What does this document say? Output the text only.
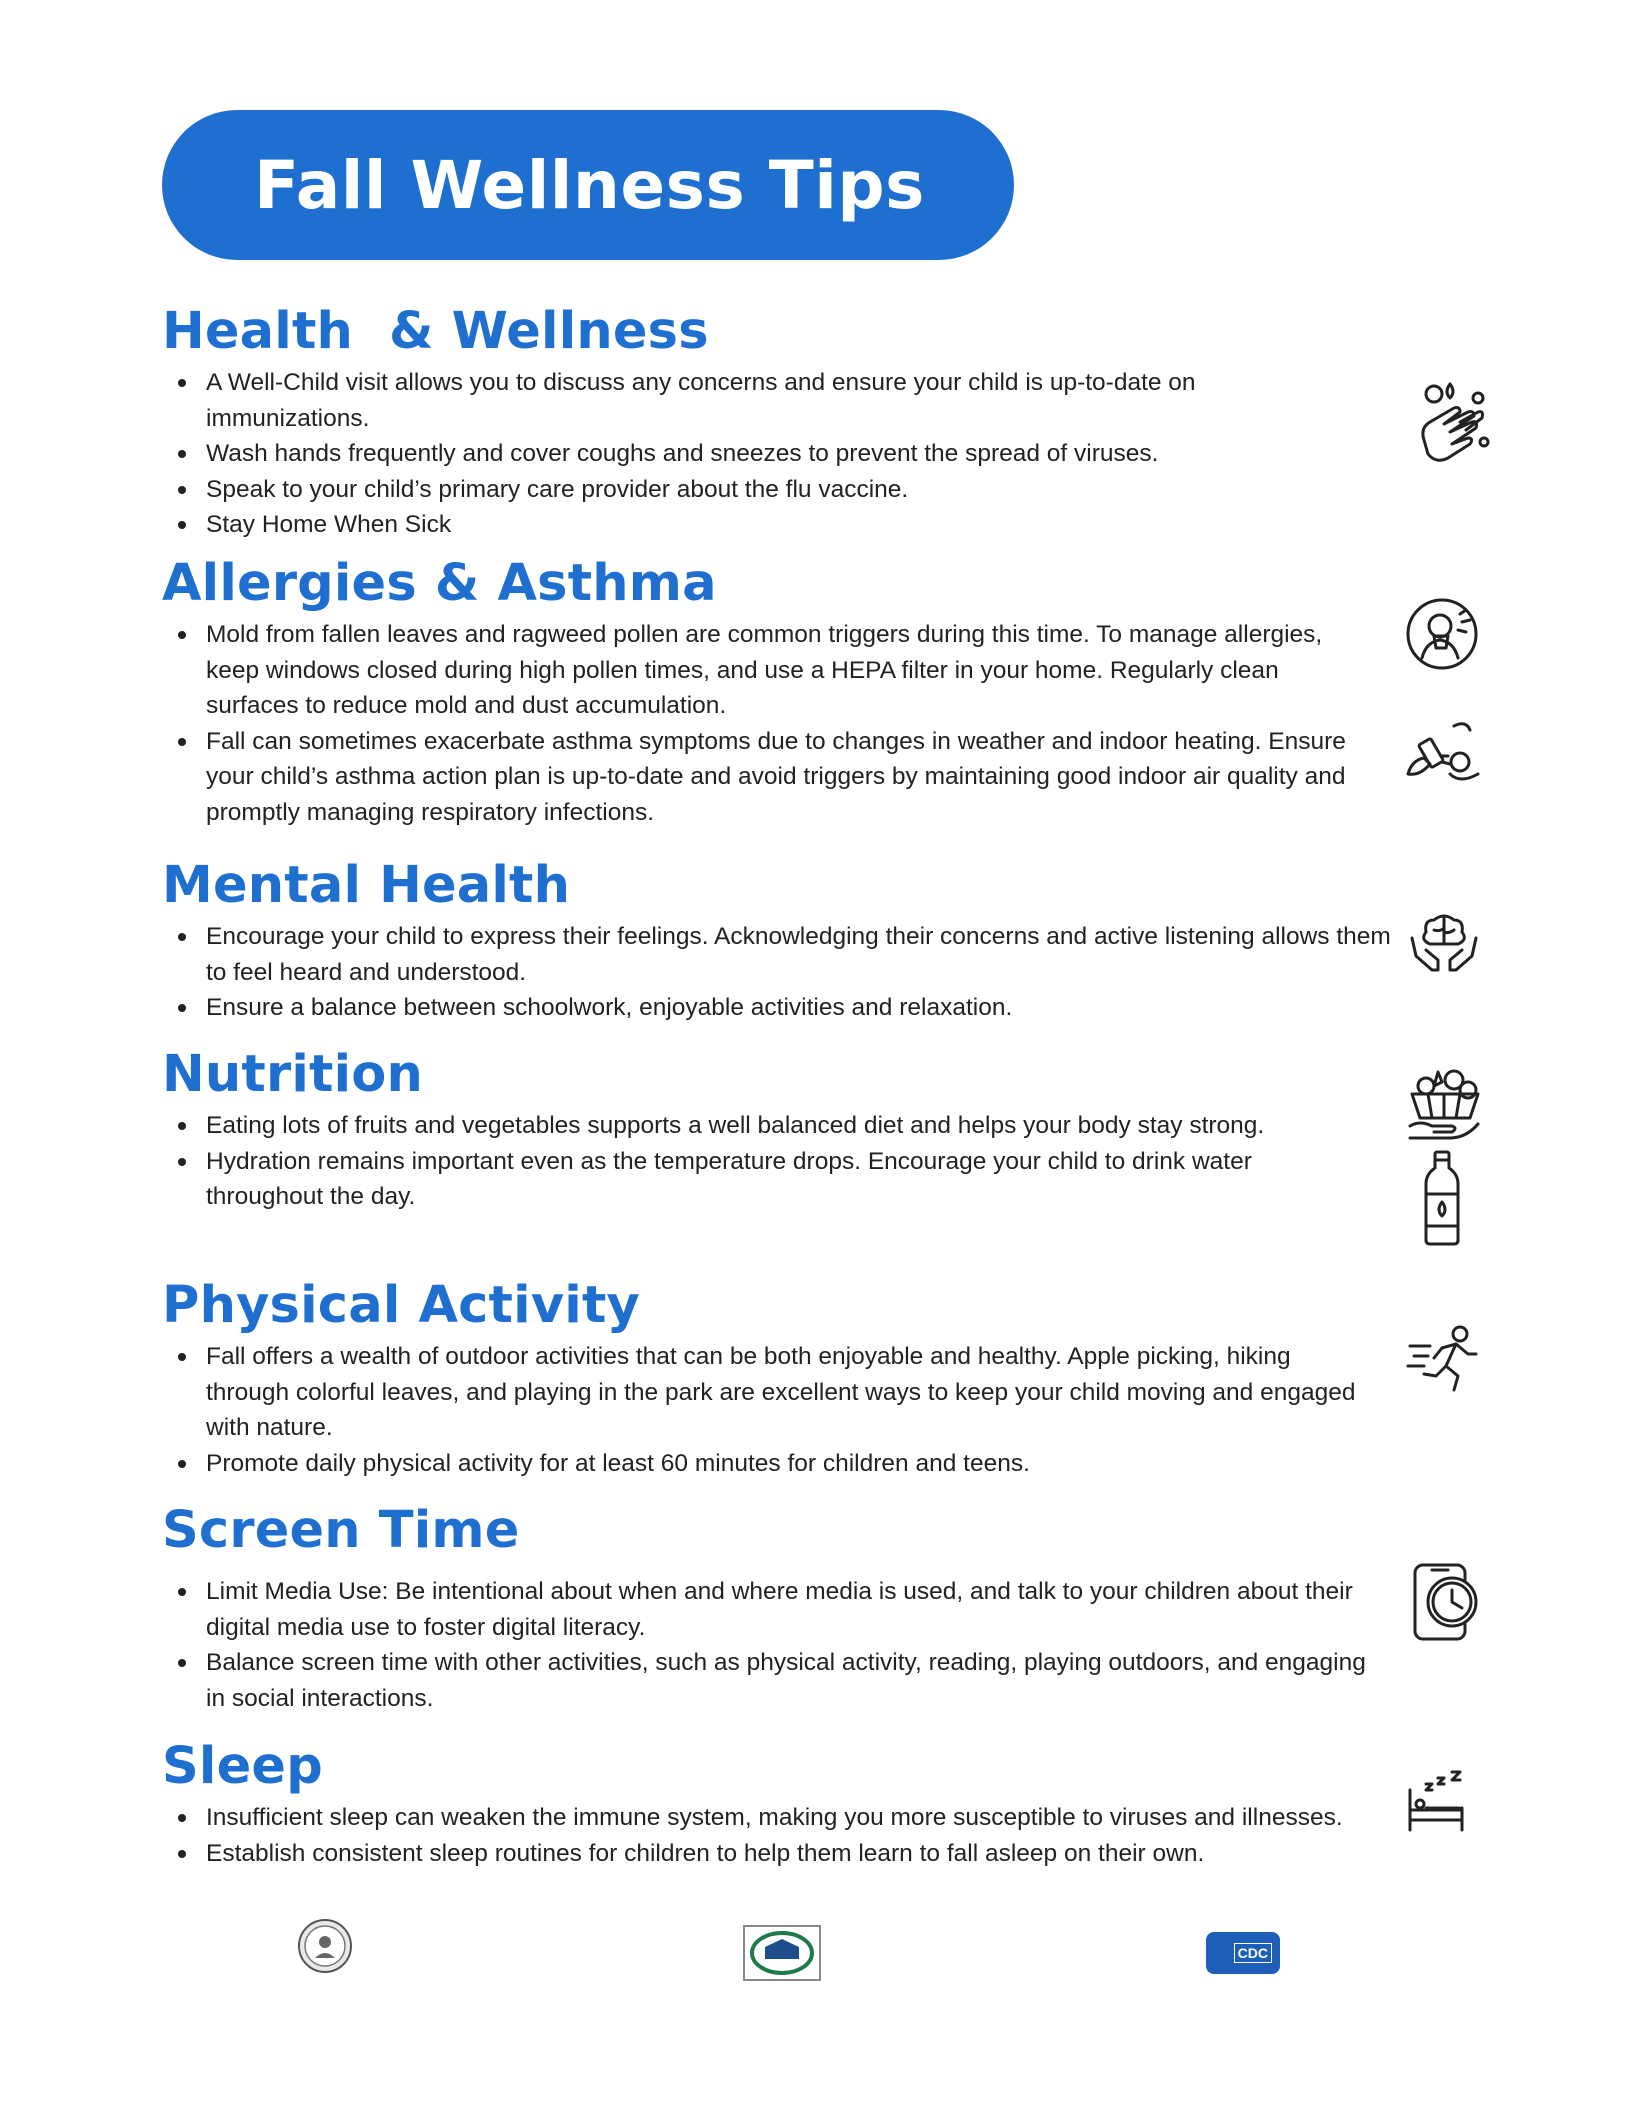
Fall Wellness Tips
Health  & Wellness
A Well-Child visit allows you to discuss any concerns and ensure your child is up-to-date on immunizations.
Wash hands frequently and cover coughs and sneezes to prevent the spread of viruses.
Speak to your child’s primary care provider about the flu vaccine.
Stay Home When Sick
Allergies & Asthma
Mold from fallen leaves and ragweed pollen are common triggers during this time. To manage allergies, keep windows closed during high pollen times, and use a HEPA filter in your home. Regularly clean surfaces to reduce mold and dust accumulation.
Fall can sometimes exacerbate asthma symptoms due to changes in weather and indoor heating. Ensure your child’s asthma action plan is up-to-date and avoid triggers by maintaining good indoor air quality and promptly managing respiratory infections.
Mental Health
Encourage your child to express their feelings. Acknowledging their concerns and active listening allows them to feel heard and understood.
Ensure a balance between schoolwork, enjoyable activities and relaxation.
Nutrition
Eating lots of fruits and vegetables supports a well balanced diet and helps your body stay strong.
Hydration remains important even as the temperature drops. Encourage your child to drink water throughout the day.
Physical Activity
Fall offers a wealth of outdoor activities that can be both enjoyable and healthy. Apple picking, hiking through colorful leaves, and playing in the park are excellent ways to keep your child moving and engaged with nature.
Promote daily physical activity for at least 60 minutes for children and teens.
Screen Time
Limit Media Use: Be intentional about when and where media is used, and talk to your children about their digital media use to foster digital literacy.
Balance screen time with other activities, such as physical activity, reading, playing outdoors, and engaging in social interactions.
Sleep
Insufficient sleep can weaken the immune system, making you more susceptible to viruses and illnesses.
Establish consistent sleep routines for children to help them learn to fall asleep on their own.
CDC
